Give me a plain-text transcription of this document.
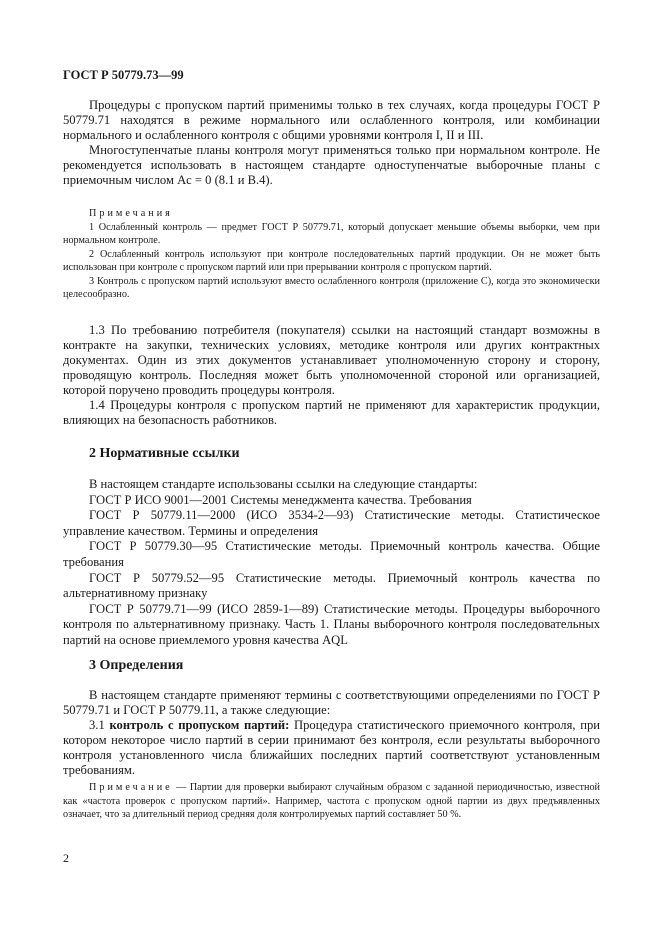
ГОСТ Р 50779.73—99

Процедуры с пропуском партий применимы только в тех случаях, когда процедуры ГОСТ Р 50779.71 находятся в режиме нормального или ослабленного контроля, или комбинации нормального и ослабленного контроля с общими уровнями контроля I, II и III.

Многоступенчатые планы контроля могут применяться только при нормальном контроле. Не рекомендуется использовать в настоящем стандарте одноступенчатые выборочные планы с приемочным числом Ac = 0 (8.1 и B.4).

Примечания

1 Ослабленный контроль — предмет ГОСТ Р 50779.71, который допускает меньшие объемы выборки, чем при нормальном контроле.

2 Ослабленный контроль используют при контроле последовательных партий продукции. Он не может быть использован при контроле с пропуском партий или при прерывании контроля с пропуском партий.

3 Контроль с пропуском партий используют вместо ослабленного контроля (приложение С), когда это экономически целесообразно.

1.3 По требованию потребителя (покупателя) ссылки на настоящий стандарт возможны в контракте на закупки, технических условиях, методике контроля или других контрактных документах. Один из этих документов устанавливает уполномоченную сторону и сторону, проводящую контроль. Последняя может быть уполномоченной стороной или организацией, которой поручено проводить процедуры контроля.

1.4 Процедуры контроля с пропуском партий не применяют для характеристик продукции, влияющих на безопасность работников.

2 Нормативные ссылки

В настоящем стандарте использованы ссылки на следующие стандарты:

ГОСТ Р ИСО 9001—2001 Системы менеджмента качества. Требования

ГОСТ Р 50779.11—2000 (ИСО 3534-2—93) Статистические методы. Статистическое управление качеством. Термины и определения

ГОСТ Р 50779.30—95 Статистические методы. Приемочный контроль качества. Общие требования

ГОСТ Р 50779.52—95 Статистические методы. Приемочный контроль качества по альтернативному признаку

ГОСТ Р 50779.71—99 (ИСО 2859-1—89) Статистические методы. Процедуры выборочного контроля по альтернативному признаку. Часть 1. Планы выборочного контроля последовательных партий на основе приемлемого уровня качества AQL

3 Определения

В настоящем стандарте применяют термины с соответствующими определениями по ГОСТ Р 50779.71 и ГОСТ Р 50779.11, а также следующие:

3.1 контроль с пропуском партий: Процедура статистического приемочного контроля, при котором некоторое число партий в серии принимают без контроля, если результаты выборочного контроля установленного числа ближайших последних партий соответствуют установленным требованиям.

Примечание — Партии для проверки выбирают случайным образом с заданной периодичностью, известной как «частота проверок с пропуском партий». Например, частота с пропуском одной партии из двух предъявленных означает, что за длительный период средняя доля контролируемых партий составляет 50 %.

2
